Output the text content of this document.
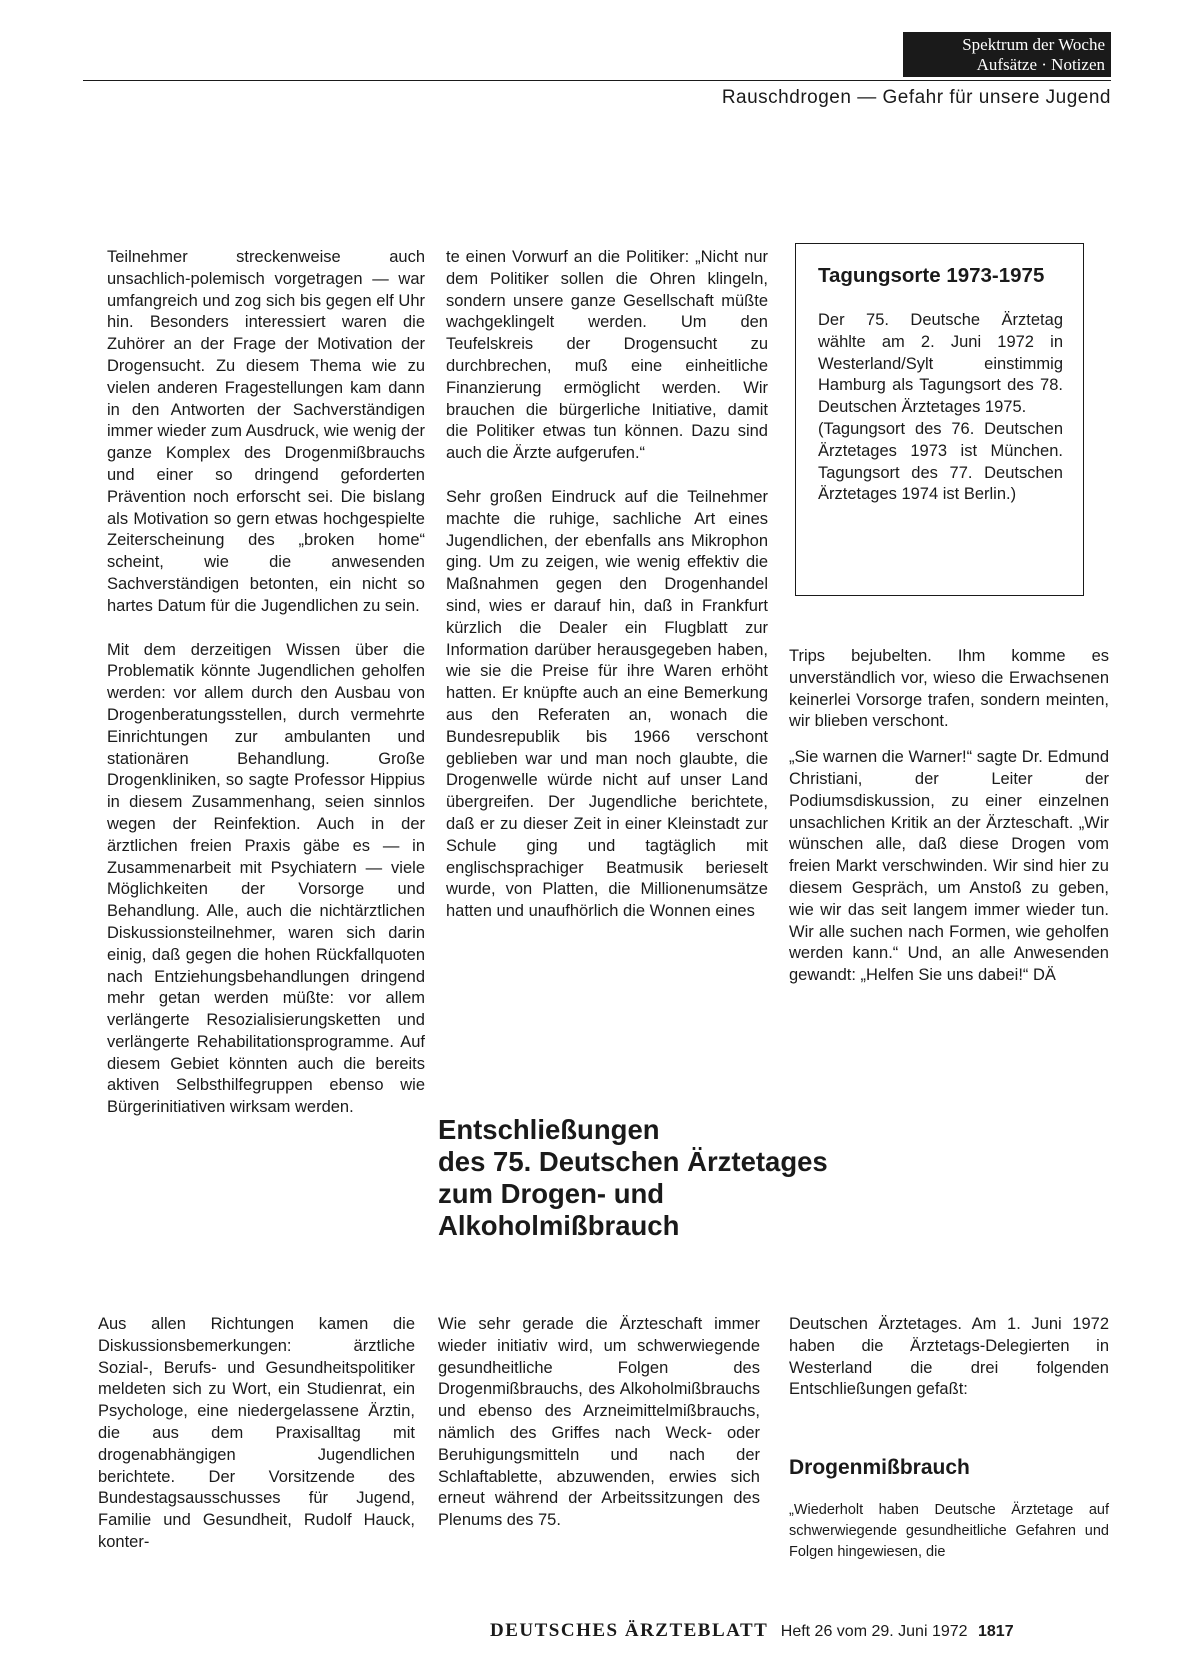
Spektrum der Woche
Aufsätze · Notizen
Rauschdrogen — Gefahr für unsere Jugend

Teilnehmer streckenweise auch unsachlich-polemisch vorgetragen — war umfangreich und zog sich bis gegen elf Uhr hin. Besonders interessiert waren die Zuhörer an der Frage der Motivation der Drogensucht. Zu diesem Thema wie zu vielen anderen Fragestellungen kam dann in den Antworten der Sachverständigen immer wieder zum Ausdruck, wie wenig der ganze Komplex des Drogenmißbrauchs und einer so dringend geforderten Prävention noch erforscht sei. Die bislang als Motivation so gern etwas hochgespielte Zeiterscheinung des „broken home“ scheint, wie die anwesenden Sachverständigen betonten, ein nicht so hartes Datum für die Jugendlichen zu sein.

Mit dem derzeitigen Wissen über die Problematik könnte Jugendlichen geholfen werden: vor allem durch den Ausbau von Drogenberatungsstellen, durch vermehrte Einrichtungen zur ambulanten und stationären Behandlung. Große Drogenkliniken, so sagte Professor Hippius in diesem Zusammenhang, seien sinnlos wegen der Reinfektion. Auch in der ärztlichen freien Praxis gäbe es — in Zusammenarbeit mit Psychiatern — viele Möglichkeiten der Vorsorge und Behandlung. Alle, auch die nichtärztlichen Diskussionsteilnehmer, waren sich darin einig, daß gegen die hohen Rückfallquoten nach Entziehungsbehandlungen dringend mehr getan werden müßte: vor allem verlängerte Resozialisierungsketten und verlängerte Rehabilitationsprogramme. Auf diesem Gebiet könnten auch die bereits aktiven Selbsthilfegruppen ebenso wie Bürgerinitiativen wirksam werden.

te einen Vorwurf an die Politiker: „Nicht nur dem Politiker sollen die Ohren klingeln, sondern unsere ganze Gesellschaft müßte wachgeklingelt werden. Um den Teufelskreis der Drogensucht zu durchbrechen, muß eine einheitliche Finanzierung ermöglicht werden. Wir brauchen die bürgerliche Initiative, damit die Politiker etwas tun können. Dazu sind auch die Ärzte aufgerufen.“

Sehr großen Eindruck auf die Teilnehmer machte die ruhige, sachliche Art eines Jugendlichen, der ebenfalls ans Mikrophon ging. Um zu zeigen, wie wenig effektiv die Maßnahmen gegen den Drogenhandel sind, wies er darauf hin, daß in Frankfurt kürzlich die Dealer ein Flugblatt zur Information darüber herausgegeben haben, wie sie die Preise für ihre Waren erhöht hatten. Er knüpfte auch an eine Bemerkung aus den Referaten an, wonach die Bundesrepublik bis 1966 verschont geblieben war und man noch glaubte, die Drogenwelle würde nicht auf unser Land übergreifen. Der Jugendliche berichtete, daß er zu dieser Zeit in einer Kleinstadt zur Schule ging und tagtäglich mit englischsprachiger Beatmusik berieselt wurde, von Platten, die Millionenumsätze hatten und unaufhörlich die Wonnen eines

Tagungsorte 1973-1975

Der 75. Deutsche Ärztetag wählte am 2. Juni 1972 in Westerland/Sylt einstimmig Hamburg als Tagungsort des 78. Deutschen Ärztetages 1975.

(Tagungsort des 76. Deutschen Ärztetages 1973 ist München. Tagungsort des 77. Deutschen Ärztetages 1974 ist Berlin.)

Trips bejubelten. Ihm komme es unverständlich vor, wieso die Erwachsenen keinerlei Vorsorge trafen, sondern meinten, wir blieben verschont.

„Sie warnen die Warner!“ sagte Dr. Edmund Christiani, der Leiter der Podiumsdiskussion, zu einer einzelnen unsachlichen Kritik an der Ärzteschaft. „Wir wünschen alle, daß diese Drogen vom freien Markt verschwinden. Wir sind hier zu diesem Gespräch, um Anstoß zu geben, wie wir das seit langem immer wieder tun. Wir alle suchen nach Formen, wie geholfen werden kann.“ Und, an alle Anwesenden gewandt: „Helfen Sie uns dabei!“ DÄ

Entschließungen
des 75. Deutschen Ärztetages
zum Drogen- und
Alkoholmißbrauch

Aus allen Richtungen kamen die Diskussionsbemerkungen: ärztliche Sozial-, Berufs- und Gesundheitspolitiker meldeten sich zu Wort, ein Studienrat, ein Psychologe, eine niedergelassene Ärztin, die aus dem Praxisalltag mit drogenabhängigen Jugendlichen berichtete. Der Vorsitzende des Bundestagsausschusses für Jugend, Familie und Gesundheit, Rudolf Hauck, konter-

Wie sehr gerade die Ärzteschaft immer wieder initiativ wird, um schwerwiegende gesundheitliche Folgen des Drogenmißbrauchs, des Alkoholmißbrauchs und ebenso des Arzneimittelmißbrauchs, nämlich des Griffes nach Weck- oder Beruhigungsmitteln und nach der Schlaftablette, abzuwenden, erwies sich erneut während der Arbeitssitzungen des Plenums des 75.

Deutschen Ärztetages. Am 1. Juni 1972 haben die Ärztetags-Delegierten in Westerland die drei folgenden Entschließungen gefaßt:

Drogenmißbrauch
„Wiederholt haben Deutsche Ärztetage auf schwerwiegende gesundheitliche Gefahren und Folgen hingewiesen, die
DEUTSCHES ÄRZTEBLATT Heft 26 vom 29. Juni 1972 1817
